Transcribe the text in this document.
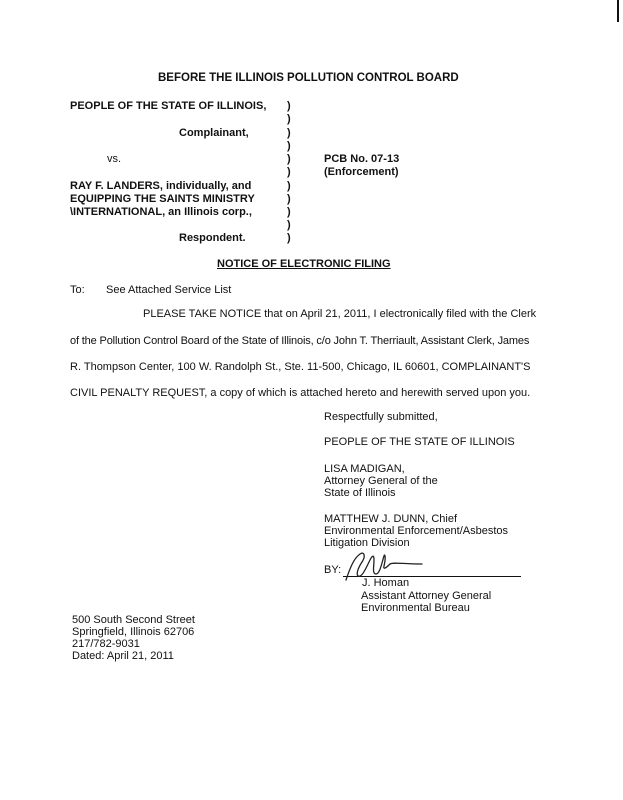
BEFORE THE ILLINOIS POLLUTION CONTROL BOARD
PEOPLE OF THE STATE OF ILLINOIS,
Complainant,
vs.
RAY F. LANDERS, individually, and
EQUIPPING THE SAINTS MINISTRY
\INTERNATIONAL, an Illinois corp.,
Respondent.
)
)
)
)
)
)
)
)
)
)
)
PCB No. 07-13
(Enforcement)
NOTICE OF ELECTRONIC FILING
To: See Attached Service List
PLEASE TAKE NOTICE that on April 21, 2011, I electronically filed with the Clerk
of the Pollution Control Board of the State of Illinois, c/o John T. Therriault, Assistant Clerk, James
R. Thompson Center, 100 W. Randolph St., Ste. 11-500, Chicago, IL 60601, COMPLAINANT'S
CIVIL PENALTY REQUEST, a copy of which is attached hereto and herewith served upon you.
Respectfully submitted,
PEOPLE OF THE STATE OF ILLINOIS
LISA MADIGAN,
Attorney General of the
State of Illinois
MATTHEW J. DUNN, Chief
Environmental Enforcement/Asbestos
Litigation Division
BY:
J. Homan
Assistant Attorney General
Environmental Bureau
500 South Second Street
Springfield, Illinois 62706
217/782-9031
Dated: April 21, 2011
